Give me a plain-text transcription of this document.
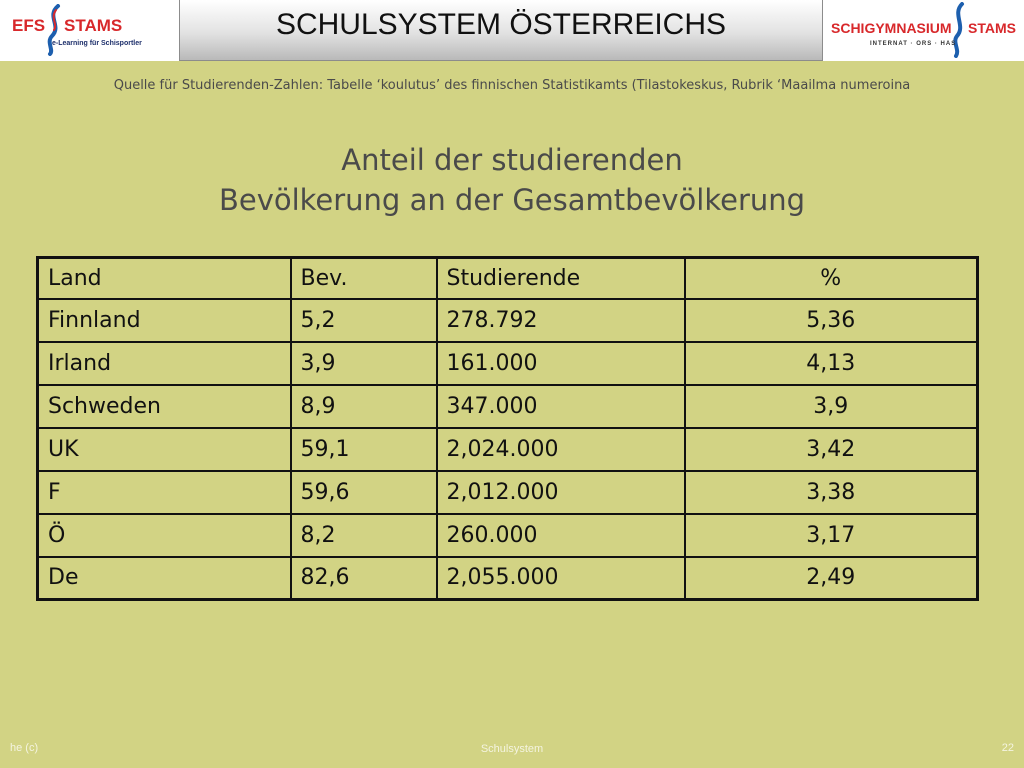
EFS STAMS
e-Learning für Schisportler
SCHULSYSTEM ÖSTERREICHS	SCHIGYMNASIUM STAMS
INTERNAT · ORS · HAS
Quelle für Studierenden-Zahlen: Tabelle ‘koulutus’ des finnischen Statistikamts (Tilastokeskus, Rubrik ‘Maailma numeroina
Anteil der studierenden
Bevölkerung an der Gesamtbevölkerung
Land	Bev.	Studierende	%
Finnland	5,2	278.792	5,36
Irland	3,9	161.000	4,13
Schweden	8,9	347.000	3,9
UK	59,1	2,024.000	3,42
F	59,6	2,012.000	3,38
Ö	8,2	260.000	3,17
De	82,6	2,055.000	2,49
he (c)	Schulsystem	22
